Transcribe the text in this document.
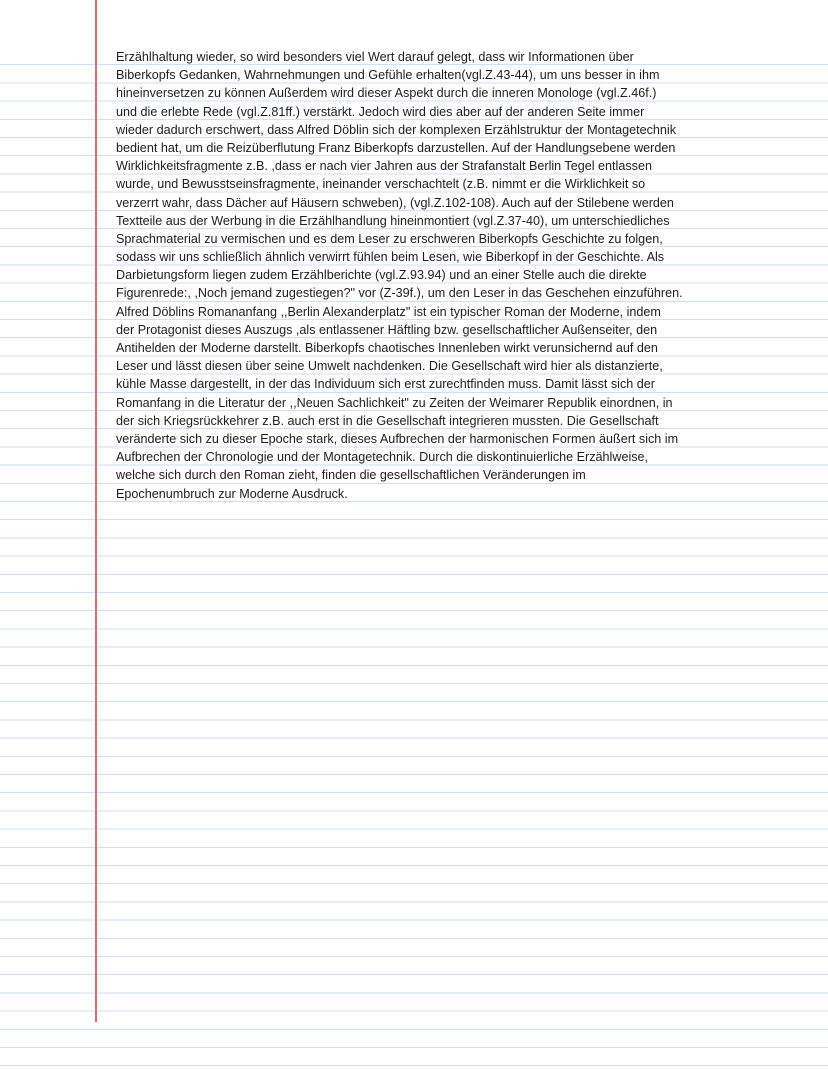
Erzählhaltung wieder, so wird besonders viel Wert darauf gelegt, dass wir Informationen über
Biberkopfs Gedanken, Wahrnehmungen und Gefühle erhalten(vgl.Z.43-44), um uns besser in ihm
hineinversetzen zu können Außerdem wird dieser Aspekt durch die inneren Monologe (vgl.Z.46f.)
und die erlebte Rede (vgl.Z.81ff.) verstärkt. Jedoch wird dies aber auf der anderen Seite immer
wieder dadurch erschwert, dass Alfred Döblin sich der komplexen Erzählstruktur der Montagetechnik
bedient hat, um die Reizüberflutung Franz Biberkopfs darzustellen. Auf der Handlungsebene werden
Wirklichkeitsfragmente z.B. ,dass er nach vier Jahren aus der Strafanstalt Berlin Tegel entlassen
wurde, und Bewusstseinsfragmente, ineinander verschachtelt (z.B. nimmt er die Wirklichkeit so
verzerrt wahr, dass Dächer auf Häusern schweben), (vgl.Z.102-108). Auch auf der Stilebene werden
Textteile aus der Werbung in die Erzählhandlung hineinmontiert (vgl.Z.37-40), um unterschiedliches
Sprachmaterial zu vermischen und es dem Leser zu erschweren Biberkopfs Geschichte zu folgen,
sodass wir uns schließlich ähnlich verwirrt fühlen beim Lesen, wie Biberkopf in der Geschichte. Als
Darbietungsform liegen zudem Erzählberichte (vgl.Z.93.94) und an einer Stelle auch die direkte
Figurenrede:, ,Noch jemand zugestiegen?" vor (Z-39f.), um den Leser in das Geschehen einzuführen.
Alfred Döblins Romananfang ,,Berlin Alexanderplatz" ist ein typischer Roman der Moderne, indem
der Protagonist dieses Auszugs ,als entlassener Häftling bzw. gesellschaftlicher Außenseiter, den
Antihelden der Moderne darstellt. Biberkopfs chaotisches Innenleben wirkt verunsichernd auf den
Leser und lässt diesen über seine Umwelt nachdenken. Die Gesellschaft wird hier als distanzierte,
kühle Masse dargestellt, in der das Individuum sich erst zurechtfinden muss. Damit lässt sich der
Romanfang in die Literatur der ,,Neuen Sachlichkeit" zu Zeiten der Weimarer Republik einordnen, in
der sich Kriegsrückkehrer z.B. auch erst in die Gesellschaft integrieren mussten. Die Gesellschaft
veränderte sich zu dieser Epoche stark, dieses Aufbrechen der harmonischen Formen äußert sich im
Aufbrechen der Chronologie und der Montagetechnik. Durch die diskontinuierliche Erzählweise,
welche sich durch den Roman zieht, finden die gesellschaftlichen Veränderungen im
Epochenumbruch zur Moderne Ausdruck.
